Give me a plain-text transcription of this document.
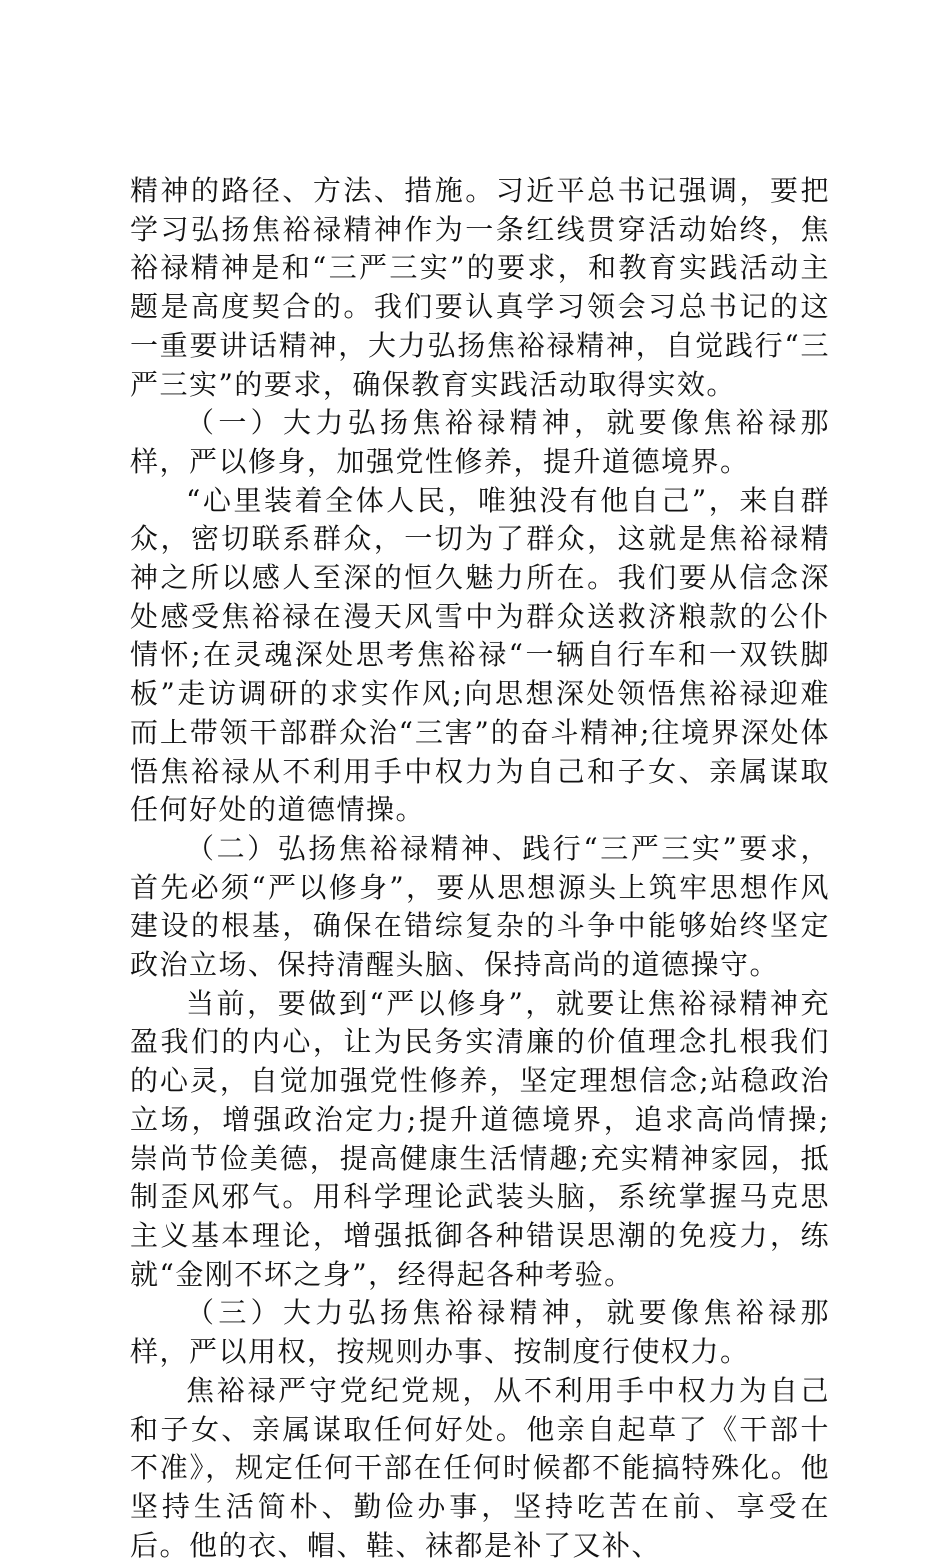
精神的路径、方法、措施。习近平总书记强调，要把学习弘扬焦裕禄精神作为一条红线贯穿活动始终，焦裕禄精神是和“三严三实”的要求，和教育实践活动主题是高度契合的。我们要认真学习领会习总书记的这一重要讲话精神，大力弘扬焦裕禄精神，自觉践行“三严三实”的要求，确保教育实践活动取得实效。

（一）大力弘扬焦裕禄精神，就要像焦裕禄那样，严以修身，加强党性修养，提升道德境界。

“心里装着全体人民，唯独没有他自己”，来自群众，密切联系群众，一切为了群众，这就是焦裕禄精神之所以感人至深的恒久魅力所在。我们要从信念深处感受焦裕禄在漫天风雪中为群众送救济粮款的公仆情怀;在灵魂深处思考焦裕禄“一辆自行车和一双铁脚板”走访调研的求实作风;向思想深处领悟焦裕禄迎难而上带领干部群众治“三害”的奋斗精神;往境界深处体悟焦裕禄从不利用手中权力为自己和子女、亲属谋取任何好处的道德情操。

（二）弘扬焦裕禄精神、践行“三严三实”要求，首先必须“严以修身”，要从思想源头上筑牢思想作风建设的根基，确保在错综复杂的斗争中能够始终坚定政治立场、保持清醒头脑、保持高尚的道德操守。

当前，要做到“严以修身”，就要让焦裕禄精神充盈我们的内心，让为民务实清廉的价值理念扎根我们的心灵，自觉加强党性修养，坚定理想信念;站稳政治立场，增强政治定力;提升道德境界，追求高尚情操;崇尚节俭美德，提高健康生活情趣;充实精神家园，抵制歪风邪气。用科学理论武装头脑，系统掌握马克思主义基本理论，增强抵御各种错误思潮的免疫力，练就“金刚不坏之身”，经得起各种考验。

（三）大力弘扬焦裕禄精神，就要像焦裕禄那样，严以用权，按规则办事、按制度行使权力。

焦裕禄严守党纪党规，从不利用手中权力为自己和子女、亲属谋取任何好处。他亲自起草了《干部十不准》，规定任何干部在任何时候都不能搞特殊化。他坚持生活简朴、勤俭办事，坚持吃苦在前、享受在后。他的衣、帽、鞋、袜都是补了又补、
